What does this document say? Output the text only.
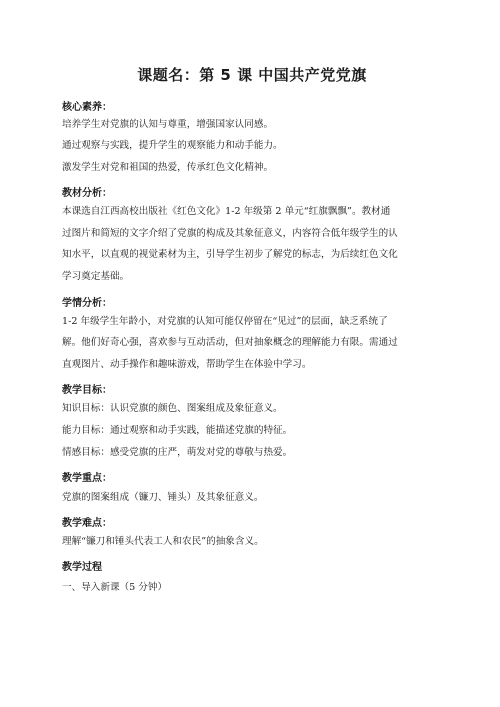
课题名：第 5 课 中国共产党党旗
核心素养：
培养学生对党旗的认知与尊重，增强国家认同感。
通过观察与实践，提升学生的观察能力和动手能力。
激发学生对党和祖国的热爱，传承红色文化精神。
教材分析：
本课选自江西高校出版社《红色文化》1-2 年级第 2 单元“红旗飘飘”。教材通
过图片和简短的文字介绍了党旗的构成及其象征意义，内容符合低年级学生的认
知水平，以直观的视觉素材为主，引导学生初步了解党的标志，为后续红色文化
学习奠定基础。
学情分析：
1-2 年级学生年龄小，对党旗的认知可能仅停留在“见过”的层面，缺乏系统了
解。他们好奇心强，喜欢参与互动活动，但对抽象概念的理解能力有限。需通过
直观图片、动手操作和趣味游戏，帮助学生在体验中学习。
教学目标：
知识目标：认识党旗的颜色、图案组成及象征意义。
能力目标：通过观察和动手实践，能描述党旗的特征。
情感目标：感受党旗的庄严，萌发对党的尊敬与热爱。
教学重点：
党旗的图案组成（镰刀、锤头）及其象征意义。
教学难点：
理解“镰刀和锤头代表工人和农民”的抽象含义。
教学过程
一、导入新课（5 分钟）
